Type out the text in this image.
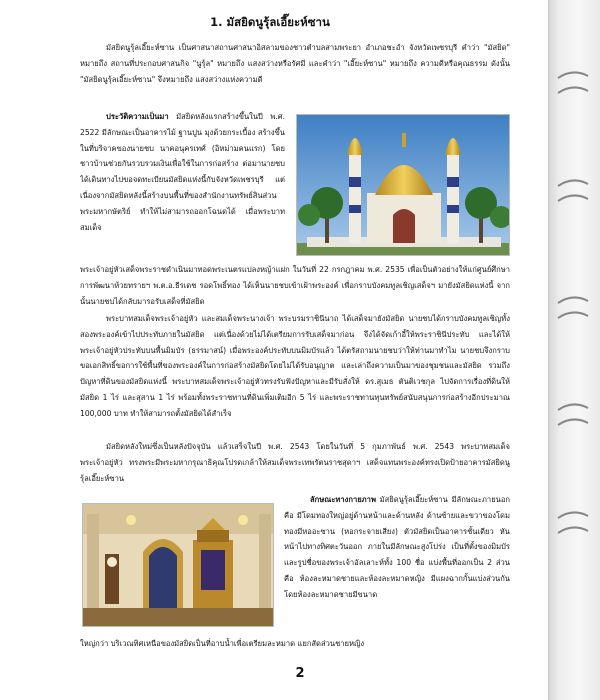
1. มัสยิดนูรุ้ลเอี๊ยะห์ซาน
มัสยิดนูรุ้ลเอี๊ยะห์ซาน เป็นศาสนาสถานศาสนาอิสลามของชาวตำบลสามพระยา อำเภอชะอำ จังหวัดเพชรบุรี คำว่า "มัสยิด" หมายถึง สถานที่ประกอบศาสนกิจ "นูรุ้ล" หมายถึง แสงสว่างหรือรัศมี และคำว่า "เอี๊ยะห์ซาน" หมายถึง ความดีหรือคุณธรรม ดังนั้น "มัสยิดนูรุ้ลเอี๊ยะห์ซาน" จึงหมายถึง แสงสว่างแห่งความดี
ประวัติความเป็นมา มัสยิดหลังแรกสร้างขึ้นในปี พ.ศ. 2522 มีลักษณะเป็นอาคารไม้ ฐานปูน มุงด้วยกระเบื้อง สร้างขึ้นในที่บริจาคของนายชบ นาคอนุครเทศ์ (อิหม่ามคนแรก) โดยชาวบ้านช่วยกันรวบรวมเงินเพื่อใช้ในการก่อสร้าง ต่อมานายชบได้เดินทางไปขอจดทะเบียนมัสยิดแห่งนี้กับจังหวัดเพชรบุรี แต่เนื่องจากมัสยิดหลังนี้สร้างบนพื้นที่ของสำนักงานทรัพย์สินส่วนพระมหากษัตริย์ ทำให้ไม่สามารถออกโฉนดได้ เมื่อพระบาทสมเด็จ
พระเจ้าอยู่หัวเสด็จพระราชดำเนินมาทอดพระเนตรแปลงหญ้าแฝก ในวันที่ 22 กรกฎาคม พ.ศ. 2535 เพื่อเป็นตัวอย่างให้แก่ศูนย์ศึกษาการพัฒนาห้วยทรายฯ พ.ต.อ.ธีรเดช รอดโพธิ์ทอง ได้เห็นนายชบเข้าเฝ้าพระองค์ เพื่อกราบบังคมทูลเชิญเสด็จฯ มายังมัสยิดแห่งนี้ จากนั้นนายชบได้กลับมารอรับเสด็จที่มัสยิด
พระบาทสมเด็จพระเจ้าอยู่หัว และสมเด็จพระนางเจ้า พระบรมราชินีนาถ ได้เสด็จมายังมัสยิด นายชบได้กราบบังคมทูลเชิญทั้งสองพระองค์เข้าไปประทับภายในมัสยิด แต่เนื่องด้วยไม่ได้เตรียมการรับเสด็จมาก่อน จึงได้จัดเก้าอี้ให้พระราชินีประทับ และได้ให้พระเจ้าอยู่หัวประทับบนพื้นมิมบัร (ธรรมาสน์) เมื่อพระองค์ประทับบนมิมบัรแล้ว ได้ตรัสถามนายชบว่าให้ท่านมาทำไม นายชบจึงกราบขอเอกสิทธิ์ขอการใช้พื้นที่ของพระองค์ในการก่อสร้างมัสยิดโดยไม่ได้รับอนุญาต และเล่าถึงความเป็นมาของชุมชนและมัสยิด รวมถึงปัญหาที่ดินของมัสยิดแห่งนี้ พระบาทสมเด็จพระเจ้าอยู่หัวทรงรับฟังปัญหาและมีรับสั่งให้ ดร.สุเมธ ตันติเวชกุล ไปจัดการเรื่องที่ดินให้มัสยิด 1 ไร่ และสุสาน 1 ไร่ พร้อมทั้งพระราชทานที่ดินเพิ่มเติมอีก 5 ไร่ และพระราชทานทุนทรัพย์สนับสนุนการก่อสร้างอีกประมาณ 100,000 บาท ทำให้สามารถตั้งมัสยิดได้สำเร็จ
มัสยิดหลังใหม่ซึ่งเป็นหลังปัจจุบัน แล้วเสร็จในปี พ.ศ. 2543 โดยในวันที่ 5 กุมภาพันธ์ พ.ศ. 2543 พระบาทสมเด็จพระเจ้าอยู่หัว ทรงพระมีพระมหากรุณาธิคุณโปรดเกล้าให้สมเด็จพระเทพรัตนราชสุดาฯ เสด็จแทนพระองค์ทรงเปิดป้ายอาคารมัสยิดนูรุ้ลเอี๊ยะห์ซาน
ลักษณะทางกายภาพ มัสยิดนูรุ้ลเอี๊ยะห์ซาน มีลักษณะภายนอก คือ มีโดมทองใหญ่อยู่ด้านหน้าและด้านหลัง ด้านซ้ายและขวาของโดมทองมีหออะซาน (หอกระจายเสียง) ตัวมัสยิดเป็นอาคารชั้นเดียว หันหน้าไปทางทิศตะวันออก ภายในมีลักษณะสูงโปร่ง เป็นที่ตั้งของมิมบัรและรูปชื่อของพระเจ้าอัลเลาะห์ทั้ง 100 ชื่อ แบ่งพื้นที่ออกเป็น 2 ส่วน คือ ห้องละหมาดชายและห้องละหมาดหญิง มีแผงฉากกั้นแบ่งส่วนกัน โดยห้องละหมาดชายมีขนาด
ใหญ่กว่า บริเวณทิศเหนือของมัสยิดเป็นที่อาบน้ำเพื่อเตรียมละหมาด แยกสัดส่วนชายหญิง
2
